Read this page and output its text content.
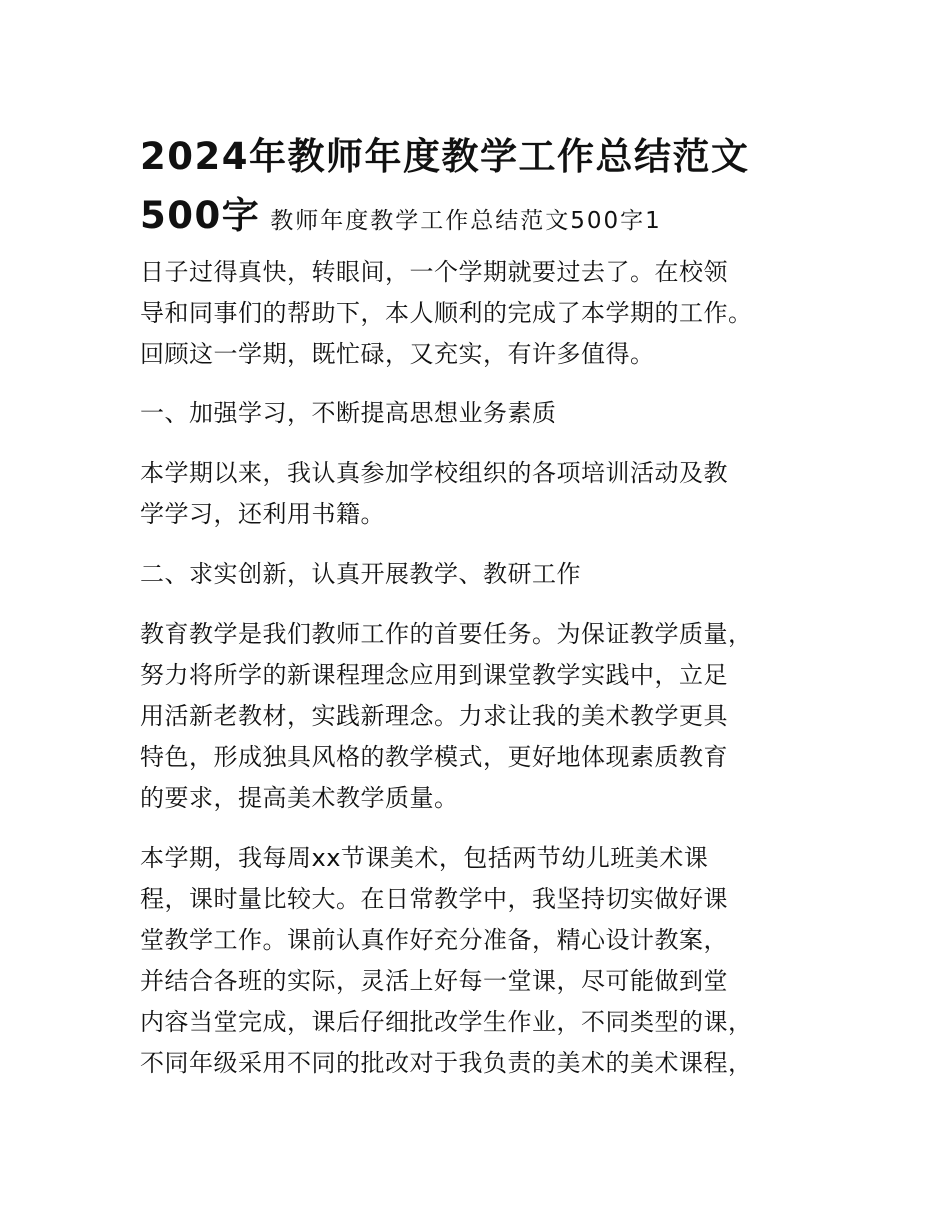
2024年教师年度教学工作总结范文
500字 教师年度教学工作总结范文500字1

日子过得真快，转眼间，一个学期就要过去了。在校领
导和同事们的帮助下，本人顺利的完成了本学期的工作。
回顾这一学期，既忙碌，又充实，有许多值得。

一、加强学习，不断提高思想业务素质

本学期以来，我认真参加学校组织的各项培训活动及教
学学习，还利用书籍。

二、求实创新，认真开展教学、教研工作

教育教学是我们教师工作的首要任务。为保证教学质量，
努力将所学的新课程理念应用到课堂教学实践中，立足
用活新老教材，实践新理念。力求让我的美术教学更具
特色，形成独具风格的教学模式，更好地体现素质教育
的要求，提高美术教学质量。

本学期，我每周xx节课美术，包括两节幼儿班美术课
程，课时量比较大。在日常教学中，我坚持切实做好课
堂教学工作。课前认真作好充分准备，精心设计教案，
并结合各班的实际，灵活上好每一堂课，尽可能做到堂
内容当堂完成，课后仔细批改学生作业，不同类型的课，
不同年级采用不同的批改对于我负责的美术的美术课程，
